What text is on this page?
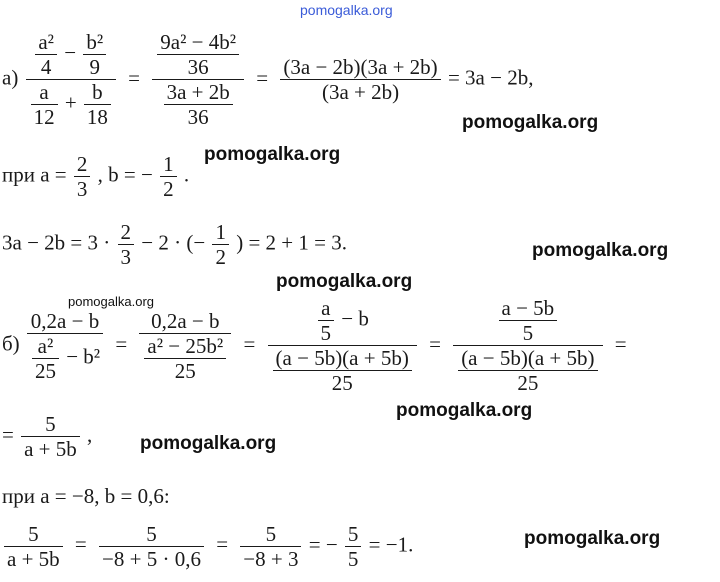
pomogalka.org
pomogalka.org
pomogalka.org
pomogalka.org
pomogalka.org
pomogalka.org
pomogalka.org
pomogalka.org
pomogalka.org
$а) \frac{\frac{\text{a²}}{4} - \frac{\text{b²}}{9}}{\frac{a}{12} + \frac{b}{18}} = \frac{\frac{\text{9a² − 4b²}}{36}}{\frac{3a + 2b}{36}} = \frac{(3a - 2b)(3a + 2b)}{(3a + 2b)} = 3a - 2b$,
при $a = \frac{2}{3}$ , b = − $\frac{1}{2}$ .
$3a - 2b = 3 \cdot \frac{2}{3} - 2$ · (− $\frac{1}{2}$ ) = 2 + 1 = 3.
$б) \frac{0,2a - b}{\frac{\text{a²}}{25} - b^2} = \frac{0,2a - b}{\frac{\text{a² − 25b²}}{25}} = \frac{\frac{a}{5} - b}{\frac{(a - 5b)(a + 5b)}{25}} = \frac{\frac{a - 5b}{5}}{\frac{(a - 5b)(a + 5b)}{25}}$ =
= $\frac{5}{a + 5b}$ ,
при a = −8, b = 0,6:
$\frac{5}{a + 5b} = \frac{5}{-8 + 5 \cdot 0,6} = \frac{5}{-8 + 3}$ = − $\frac{5}{5} = -1$.
